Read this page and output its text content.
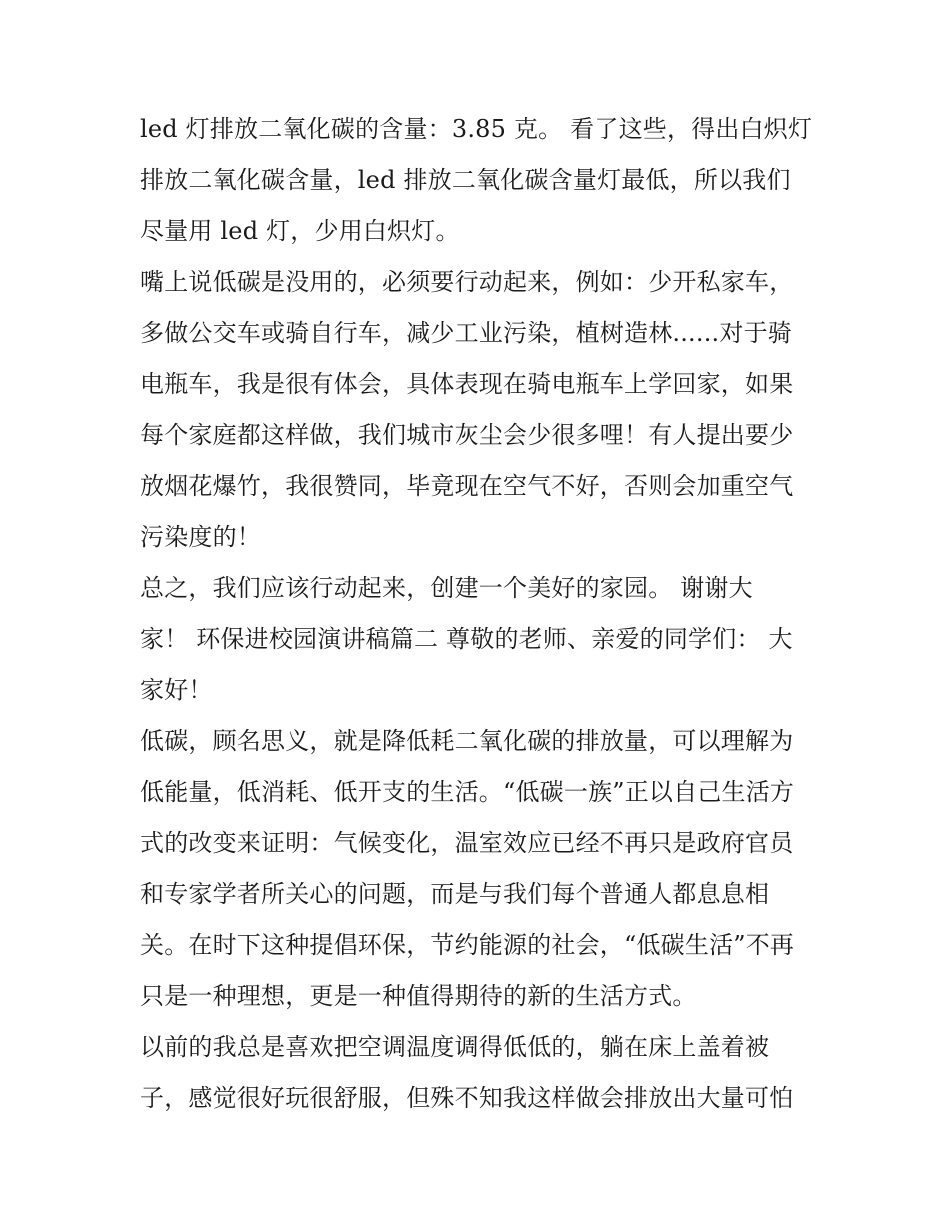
led 灯排放二氧化碳的含量：3.85 克。 看了这些，得出白炽灯
排放二氧化碳含量，led 排放二氧化碳含量灯最低，所以我们
尽量用 led 灯，少用白炽灯。
嘴上说低碳是没用的，必须要行动起来，例如：少开私家车，
多做公交车或骑自行车，减少工业污染，植树造林......对于骑
电瓶车，我是很有体会，具体表现在骑电瓶车上学回家，如果
每个家庭都这样做，我们城市灰尘会少很多哩！有人提出要少
放烟花爆竹，我很赞同，毕竟现在空气不好，否则会加重空气
污染度的！
总之，我们应该行动起来，创建一个美好的家园。 谢谢大
家！ 环保进校园演讲稿篇二 尊敬的老师、亲爱的同学们： 大
家好！
低碳，顾名思义，就是降低耗二氧化碳的排放量，可以理解为
低能量，低消耗、低开支的生活。“低碳一族”正以自己生活方
式的改变来证明：气候变化，温室效应已经不再只是政府官员
和专家学者所关心的问题，而是与我们每个普通人都息息相
关。在时下这种提倡环保，节约能源的社会，“低碳生活”不再
只是一种理想，更是一种值得期待的新的生活方式。
以前的我总是喜欢把空调温度调得低低的，躺在床上盖着被
子，感觉很好玩很舒服，但殊不知我这样做会排放出大量可怕
